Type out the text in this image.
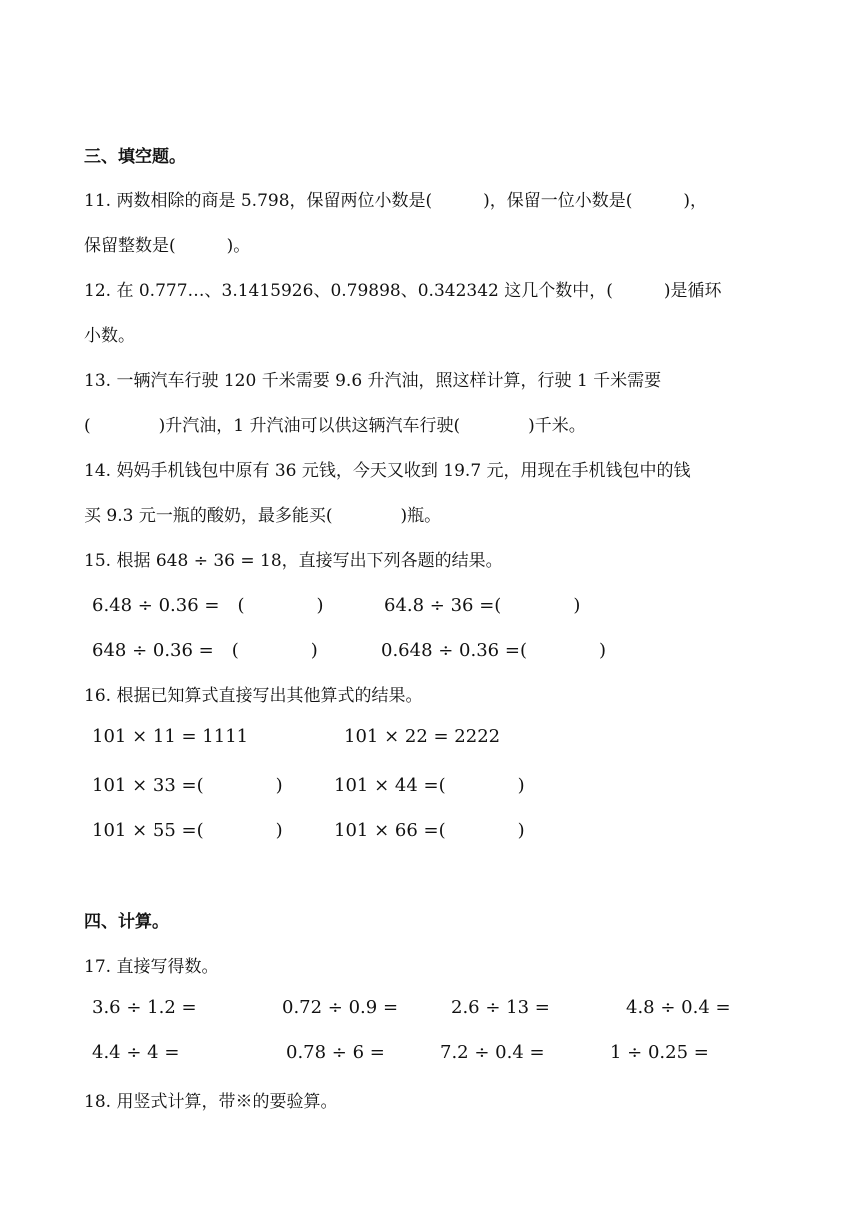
三、填空题。
11. 两数相除的商是 5.798，保留两位小数是(　　　)，保留一位小数是(　　　)，
保留整数是(　　　)。
12. 在 0.777…、3.1415926、0.79898、0.342342 这几个数中，(　　　)是循环
小数。
13. 一辆汽车行驶 120 千米需要 9.6 升汽油，照这样计算，行驶 1 千米需要
(　　　　)升汽油，1 升汽油可以供这辆汽车行驶(　　　　)千米。
14. 妈妈手机钱包中原有 36 元钱，今天又收到 19.7 元，用现在手机钱包中的钱
买 9.3 元一瓶的酸奶，最多能买(　　　　)瓶。
15. 根据 648 ÷ 36 = 18，直接写出下列各题的结果。
6.48 ÷ 0.36 =　(　　　　)	64.8 ÷ 36 =(　　　　)
648 ÷ 0.36 =　(　　　　)	0.648 ÷ 0.36 =(　　　　)
16. 根据已知算式直接写出其他算式的结果。
101 × 11 = 1111	101 × 22 = 2222
101 × 33 =(　　　　)	101 × 44 =(　　　　)
101 × 55 =(　　　　)	101 × 66 =(　　　　)
四、计算。
17. 直接写得数。
3.6 ÷ 1.2 =	0.72 ÷ 0.9 =	2.6 ÷ 13 =	4.8 ÷ 0.4 =
4.4 ÷ 4 =	0.78 ÷ 6 =	7.2 ÷ 0.4 =	1 ÷ 0.25 =
18. 用竖式计算，带※的要验算。
